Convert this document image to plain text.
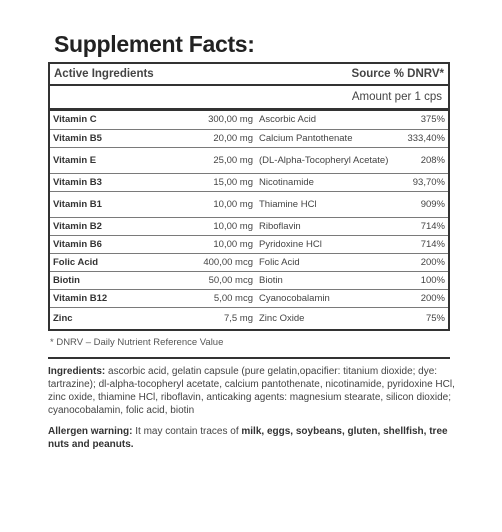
Supplement Facts:
Active Ingredients	Source % DNRV*
Amount per 1 cps
Vitamin C	300,00 mg	Ascorbic Acid	375%
Vitamin B5	20,00 mg	Calcium Pantothenate	333,40%
Vitamin E	25,00 mg	(DL-Alpha-Tocopheryl Acetate)	208%
Vitamin B3	15,00 mg	Nicotinamide	93,70%
Vitamin B1	10,00 mg	Thiamine HCl	909%
Vitamin B2	10,00 mg	Riboflavin	714%
Vitamin B6	10,00 mg	Pyridoxine HCl	714%
Folic Acid	400,00 mcg	Folic Acid	200%
Biotin	50,00 mcg	Biotin	100%
Vitamin B12	5,00 mcg	Cyanocobalamin	200%
Zinc	7,5 mg	Zinc Oxide	75%
* DNRV – Daily Nutrient Reference Value

Ingredients: ascorbic acid, gelatin capsule (pure gelatin,opacifier: titanium dioxide; dye: tartrazine); dl-alpha-tocopheryl acetate, calcium pantothenate, nicotinamide, pyridoxine HCl, zinc oxide, thiamine HCl, riboflavin, anticaking agents: magnesium stearate, silicon dioxide; cyanocobalamin, folic acid, biotin

Allergen warning: It may contain traces of milk, eggs, soybeans, gluten, shellfish, tree nuts and peanuts.
